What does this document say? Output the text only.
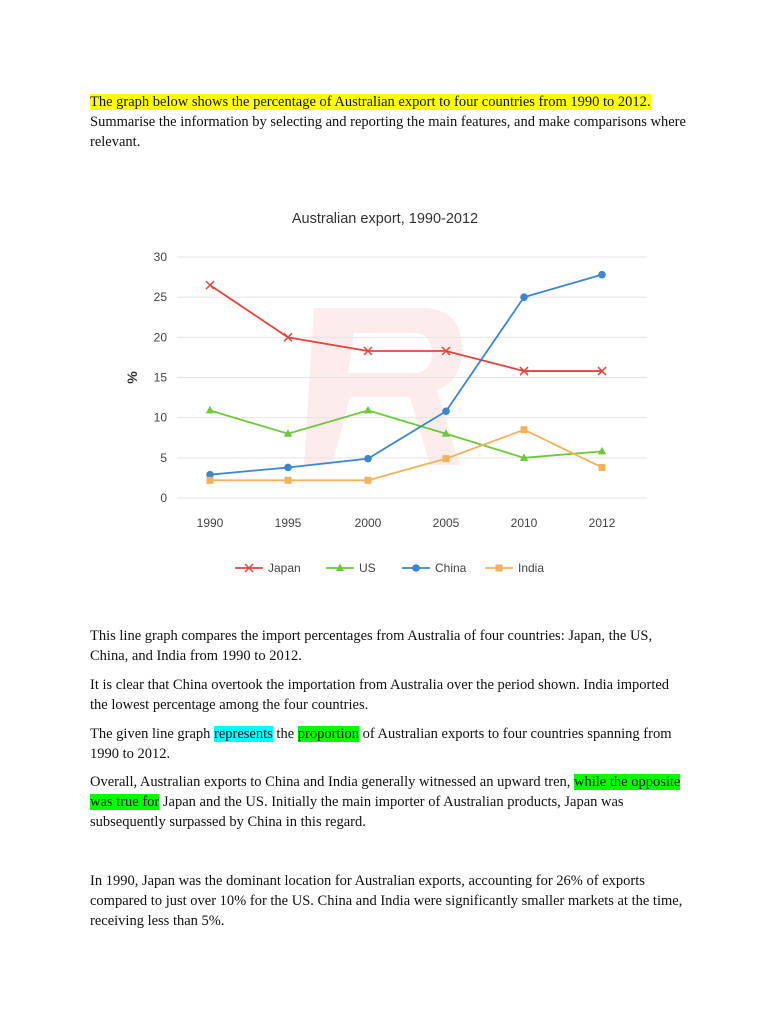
The graph below shows the percentage of Australian export to four countries from 1990 to 2012. Summarise the information by selecting and reporting the main features, and make comparisons where relevant.

Australian export, 1990-2012
%
0
5
10
15
20
25
30
1990	1995	2000	2005	2010	2012
Japan	US	China	India

This line graph compares the import percentages from Australia of four countries: Japan, the US, China, and India from 1990 to 2012.

It is clear that China overtook the importation from Australia over the period shown. India imported the lowest percentage among the four countries.

The given line graph represents the proportion of Australian exports to four countries spanning from 1990 to 2012.

Overall, Australian exports to China and India generally witnessed an upward tren, while the opposite was true for Japan and the US. Initially the main importer of Australian products, Japan was subsequently surpassed by China in this regard.

In 1990, Japan was the dominant location for Australian exports, accounting for 26% of exports compared to just over 10% for the US. China and India were significantly smaller markets at the time, receiving less than 5%.
